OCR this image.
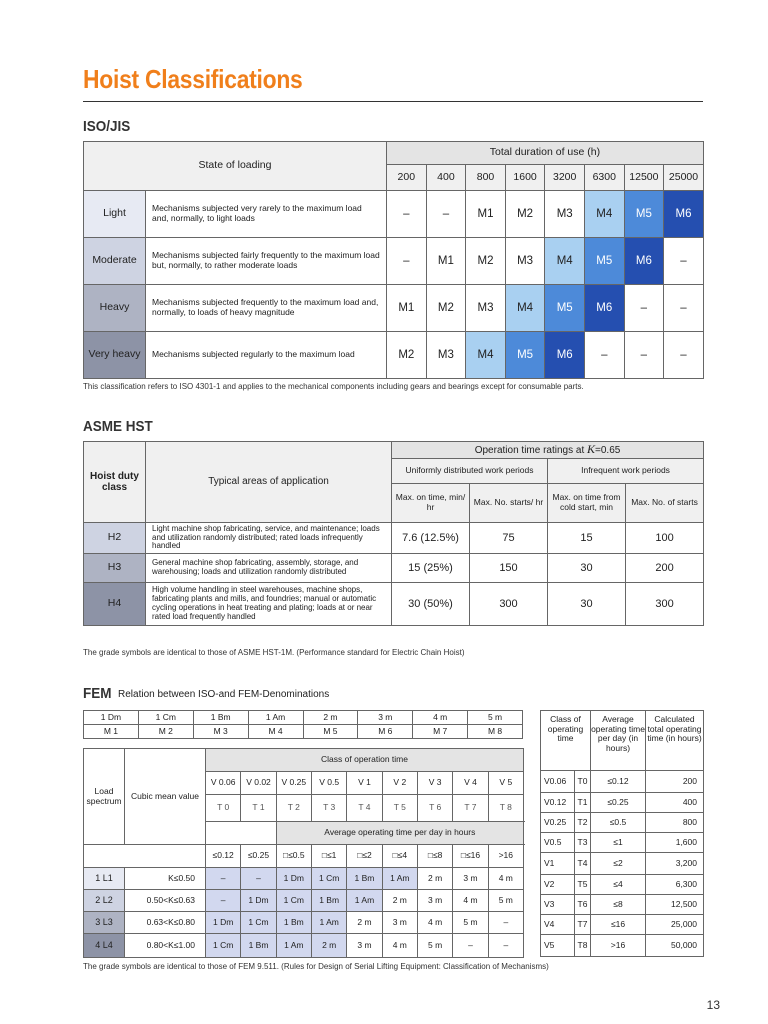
Hoist Classifications
ISO/JIS
State of loading		Total duration of use (h)							
		200	400	800	1600	3200	6300	12500	25000
Light	Mechanisms subjected very rarely to the maximum load and, normally, to light loads	–	–	M1	M2	M3	M4	M5	M6
Moderate	Mechanisms subjected fairly frequently to the maximum load but, normally, to rather moderate loads	–	M1	M2	M3	M4	M5	M6	–
Heavy	Mechanisms subjected frequently to the maximum load and, normally, to loads of heavy magnitude	M1	M2	M3	M4	M5	M6	–	–
Very heavy	Mechanisms subjected regularly to the maximum load	M2	M3	M4	M5	M6	–	–	–
This classification refers to ISO 4301-1 and applies to the mechanical components including gears and bearings except for consumable parts.
ASME HST
Hoist duty class	Typical areas of application	Operation time ratings at K=0.65			
		Uniformly distributed work periods		Infrequent work periods	
		Max. on time, min/ hr	Max. No. starts/ hr	Max. on time from cold start, min	Max. No. of starts
H2	Light machine shop fabricating, service, and maintenance; loads and utilization randomly distributed; rated loads infrequently handled	7.6 (12.5%)	75	15	100
H3	General machine shop fabricating, assembly, storage, and warehousing; loads and utilization randomly distributed	15 (25%)	150	30	200
H4	High volume handling in steel warehouses, machine shops, fabricating plants and mills, and foundries; manual or automatic cycling operations in heat treating and plating; loads at or near rated load frequently handled	30 (50%)	300	30	300
The grade symbols are identical to those of ASME HST-1M. (Performance standard for Electric Chain Hoist)
FEM Relation between ISO-and FEM-Denominations
1 Dm	1 Cm	1 Bm	1 Am	2 m	3 m	4 m	5 m
M 1	M 2	M 3	M 4	M 5	M 6	M 7	M 8
Load spectrum	Cubic mean value	Class of operation time								
		V 0.06	V 0.02	V 0.25	V 0.5	V 1	V 2	V 3	V 4	V 5
		T 0	T 1	T 2	T 3	T 4	T 5	T 6	T 7	T 8
				Average operating time per day in hours						
		≤0.12	≤0.25	□≤0.5	□≤1	□≤2	□≤4	□≤8	□≤16	>16
1 L1	K≤0.50	–	–	1 Dm	1 Cm	1 Bm	1 Am	2 m	3 m	4 m
2 L2	0.50<K≤0.63	–	1 Dm	1 Cm	1 Bm	1 Am	2 m	3 m	4 m	5 m
3 L3	0.63<K≤0.80	1 Dm	1 Cm	1 Bm	1 Am	2 m	3 m	4 m	5 m	–
4 L4	0.80<K≤1.00	1 Cm	1 Bm	1 Am	2 m	3 m	4 m	5 m	–	–
Class of operating time		Average operating time per day (in hours)	Calculated total operating time (in hours)
V0.06	T0	≤0.12	200
V0.12	T1	≤0.25	400
V0.25	T2	≤0.5	800
V0.5	T3	≤1	1,600
V1	T4	≤2	3,200
V2	T5	≤4	6,300
V3	T6	≤8	12,500
V4	T7	≤16	25,000
V5	T8	>16	50,000
The grade symbols are identical to those of FEM 9.511. (Rules for Design of Serial Lifting Equipment: Classification of Mechanisms)
13
